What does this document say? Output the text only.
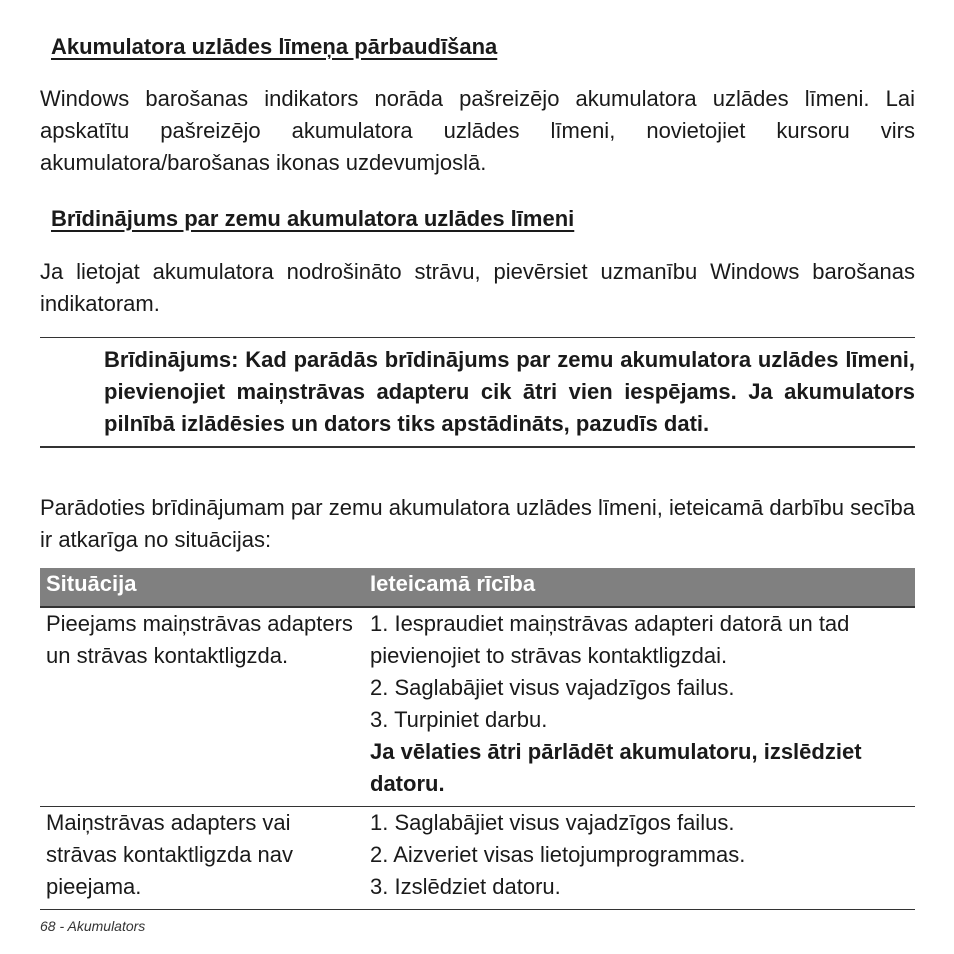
Akumulatora uzlādes līmeņa pārbaudīšana

Windows barošanas indikators norāda pašreizējo akumulatora uzlādes līmeni. Lai apskatītu pašreizējo akumulatora uzlādes līmeni, novietojiet kursoru virs akumulatora/barošanas ikonas uzdevumjoslā.

Brīdinājums par zemu akumulatora uzlādes līmeni

Ja lietojat akumulatora nodrošināto strāvu, pievērsiet uzmanību Windows barošanas indikatoram.

Brīdinājums: Kad parādās brīdinājums par zemu akumulatora uzlādes līmeni, pievienojiet maiņstrāvas adapteru cik ātri vien iespējams. Ja akumulators pilnībā izlādēsies un dators tiks apstādināts, pazudīs dati.

Parādoties brīdinājumam par zemu akumulatora uzlādes līmeni, ieteicamā darbību secība ir atkarīga no situācijas:

Situācija	Ieteicamā rīcība
Pieejams maiņstrāvas adapters un strāvas kontaktligzda.	1. Iespraudiet maiņstrāvas adapteri datorā un tad pievienojiet to strāvas kontaktligzdai.
2. Saglabājiet visus vajadzīgos failus.
3. Turpiniet darbu.
Ja vēlaties ātri pārlādēt akumulatoru, izslēdziet datoru.

Maiņstrāvas adapters vai strāvas kontaktligzda nav pieejama.	1. Saglabājiet visus vajadzīgos failus.
2. Aizveriet visas lietojumprogrammas.
3. Izslēdziet datoru.
68 - Akumulators
